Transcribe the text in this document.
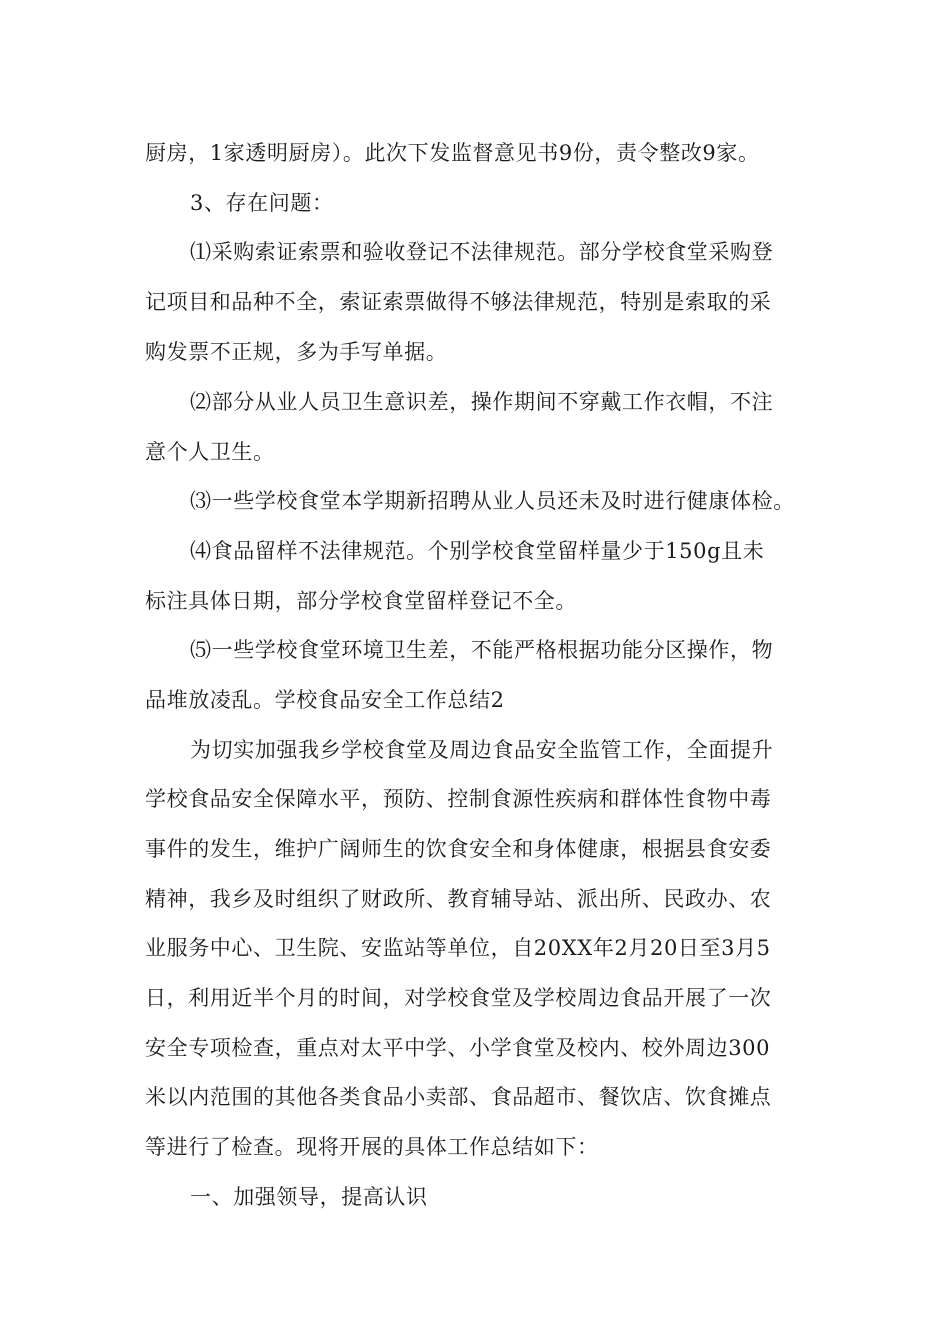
厨房，1家透明厨房）。此次下发监督意见书9份，责令整改9家。
3、存在问题：
⑴采购索证索票和验收登记不法律规范。部分学校食堂采购登
记项目和品种不全，索证索票做得不够法律规范，特别是索取的采
购发票不正规，多为手写单据。
⑵部分从业人员卫生意识差，操作期间不穿戴工作衣帽，不注
意个人卫生。
⑶一些学校食堂本学期新招聘从业人员还未及时进行健康体检。
⑷食品留样不法律规范。个别学校食堂留样量少于150g且未
标注具体日期，部分学校食堂留样登记不全。
⑸一些学校食堂环境卫生差，不能严格根据功能分区操作，物
品堆放凌乱。学校食品安全工作总结2
为切实加强我乡学校食堂及周边食品安全监管工作，全面提升
学校食品安全保障水平，预防、控制食源性疾病和群体性食物中毒
事件的发生，维护广阔师生的饮食安全和身体健康，根据县食安委
精神，我乡及时组织了财政所、教育辅导站、派出所、民政办、农
业服务中心、卫生院、安监站等单位，自20XX年2月20日至3月5
日，利用近半个月的时间，对学校食堂及学校周边食品开展了一次
安全专项检查，重点对太平中学、小学食堂及校内、校外周边300
米以内范围的其他各类食品小卖部、食品超市、餐饮店、饮食摊点
等进行了检查。现将开展的具体工作总结如下：
一、加强领导，提高认识
